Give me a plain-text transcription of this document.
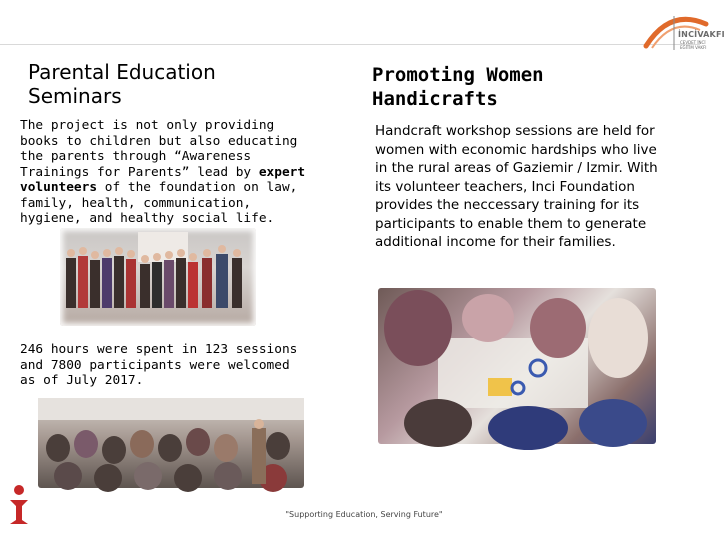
İNCİVAKFI
CEVDET İNCİ EĞİTİM VAKFI
Parental Education
Seminars
Promoting Women
Handicrafts
The project is not only providing books to children but also educating the parents through “Awareness Trainings for Parents” lead by expert volunteers of the foundation on law, family, health, communication, hygiene, and healthy social life.
Handcraft workshop sessions are held for women with economic hardships who live in the rural areas of Gaziemir / Izmir. With its volunteer teachers, Inci Foundation provides the neccessary training for its participants to enable them to generate additional income for their families.
246 hours were spent in 123 sessions and 7800 participants were welcomed as of July 2017.
"Supporting Education, Serving Future"
